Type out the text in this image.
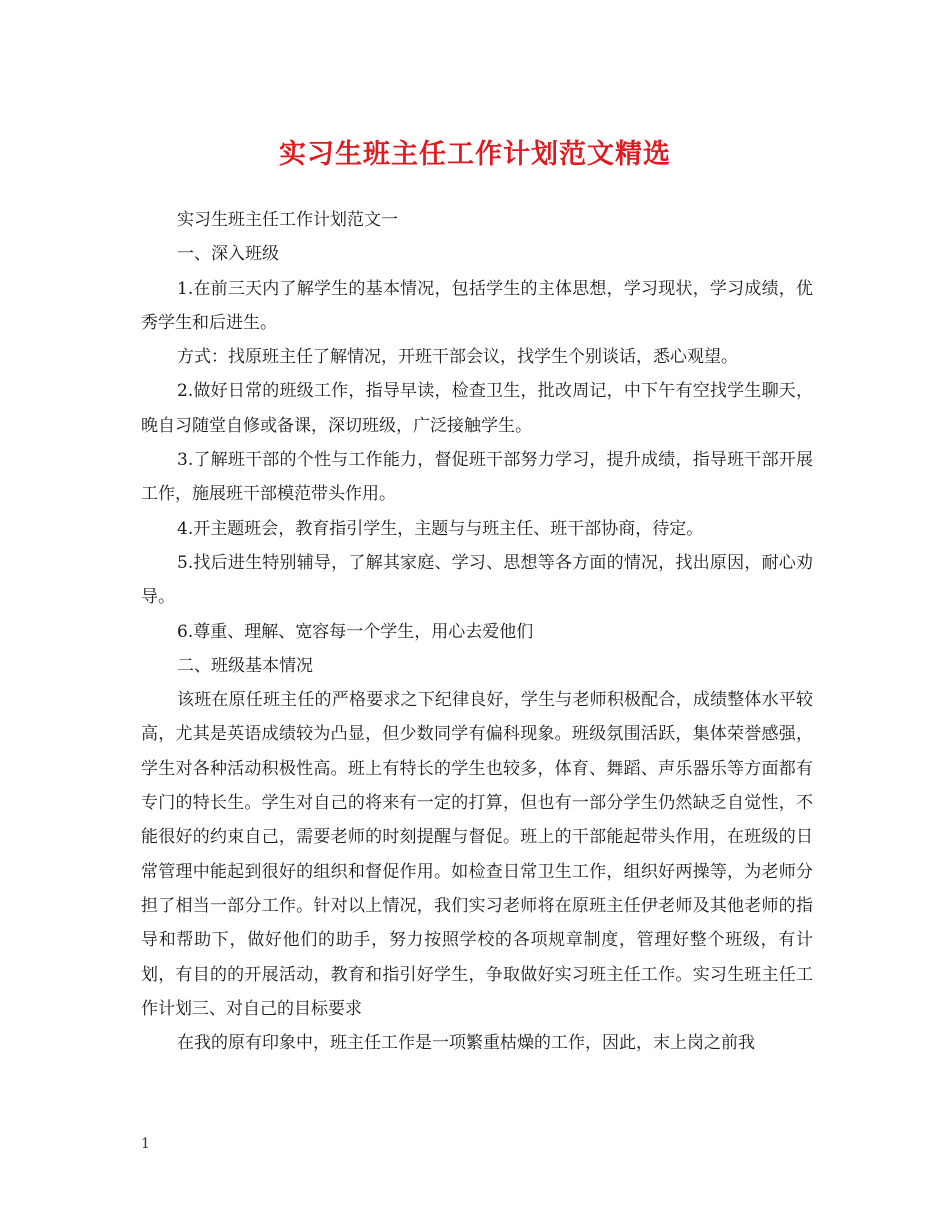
实习生班主任工作计划范文精选

实习生班主任工作计划范文一

一、深入班级

1.在前三天内了解学生的基本情况，包括学生的主体思想，学习现状，学习成绩，优秀学生和后进生。

方式：找原班主任了解情况，开班干部会议，找学生个别谈话，悉心观望。

2.做好日常的班级工作，指导早读，检查卫生，批改周记，中下午有空找学生聊天，晚自习随堂自修或备课，深切班级，广泛接触学生。

3.了解班干部的个性与工作能力，督促班干部努力学习，提升成绩，指导班干部开展工作，施展班干部模范带头作用。

4.开主题班会，教育指引学生，主题与与班主任、班干部协商，待定。

5.找后进生特别辅导，了解其家庭、学习、思想等各方面的情况，找出原因，耐心劝导。

6.尊重、理解、宽容每一个学生，用心去爱他们

二、班级基本情况

该班在原任班主任的严格要求之下纪律良好，学生与老师积极配合，成绩整体水平较高，尤其是英语成绩较为凸显，但少数同学有偏科现象。班级氛围活跃，集体荣誉感强，学生对各种活动积极性高。班上有特长的学生也较多，体育、舞蹈、声乐器乐等方面都有专门的特长生。学生对自己的将来有一定的打算，但也有一部分学生仍然缺乏自觉性，不能很好的约束自己，需要老师的时刻提醒与督促。班上的干部能起带头作用，在班级的日常管理中能起到很好的组织和督促作用。如检查日常卫生工作，组织好两操等，为老师分担了相当一部分工作。针对以上情况，我们实习老师将在原班主任伊老师及其他老师的指导和帮助下，做好他们的助手，努力按照学校的各项规章制度，管理好整个班级，有计划，有目的的开展活动，教育和指引好学生，争取做好实习班主任工作。实习生班主任工作计划三、对自己的目标要求

在我的原有印象中，班主任工作是一项繁重枯燥的工作，因此，末上岗之前我

1
